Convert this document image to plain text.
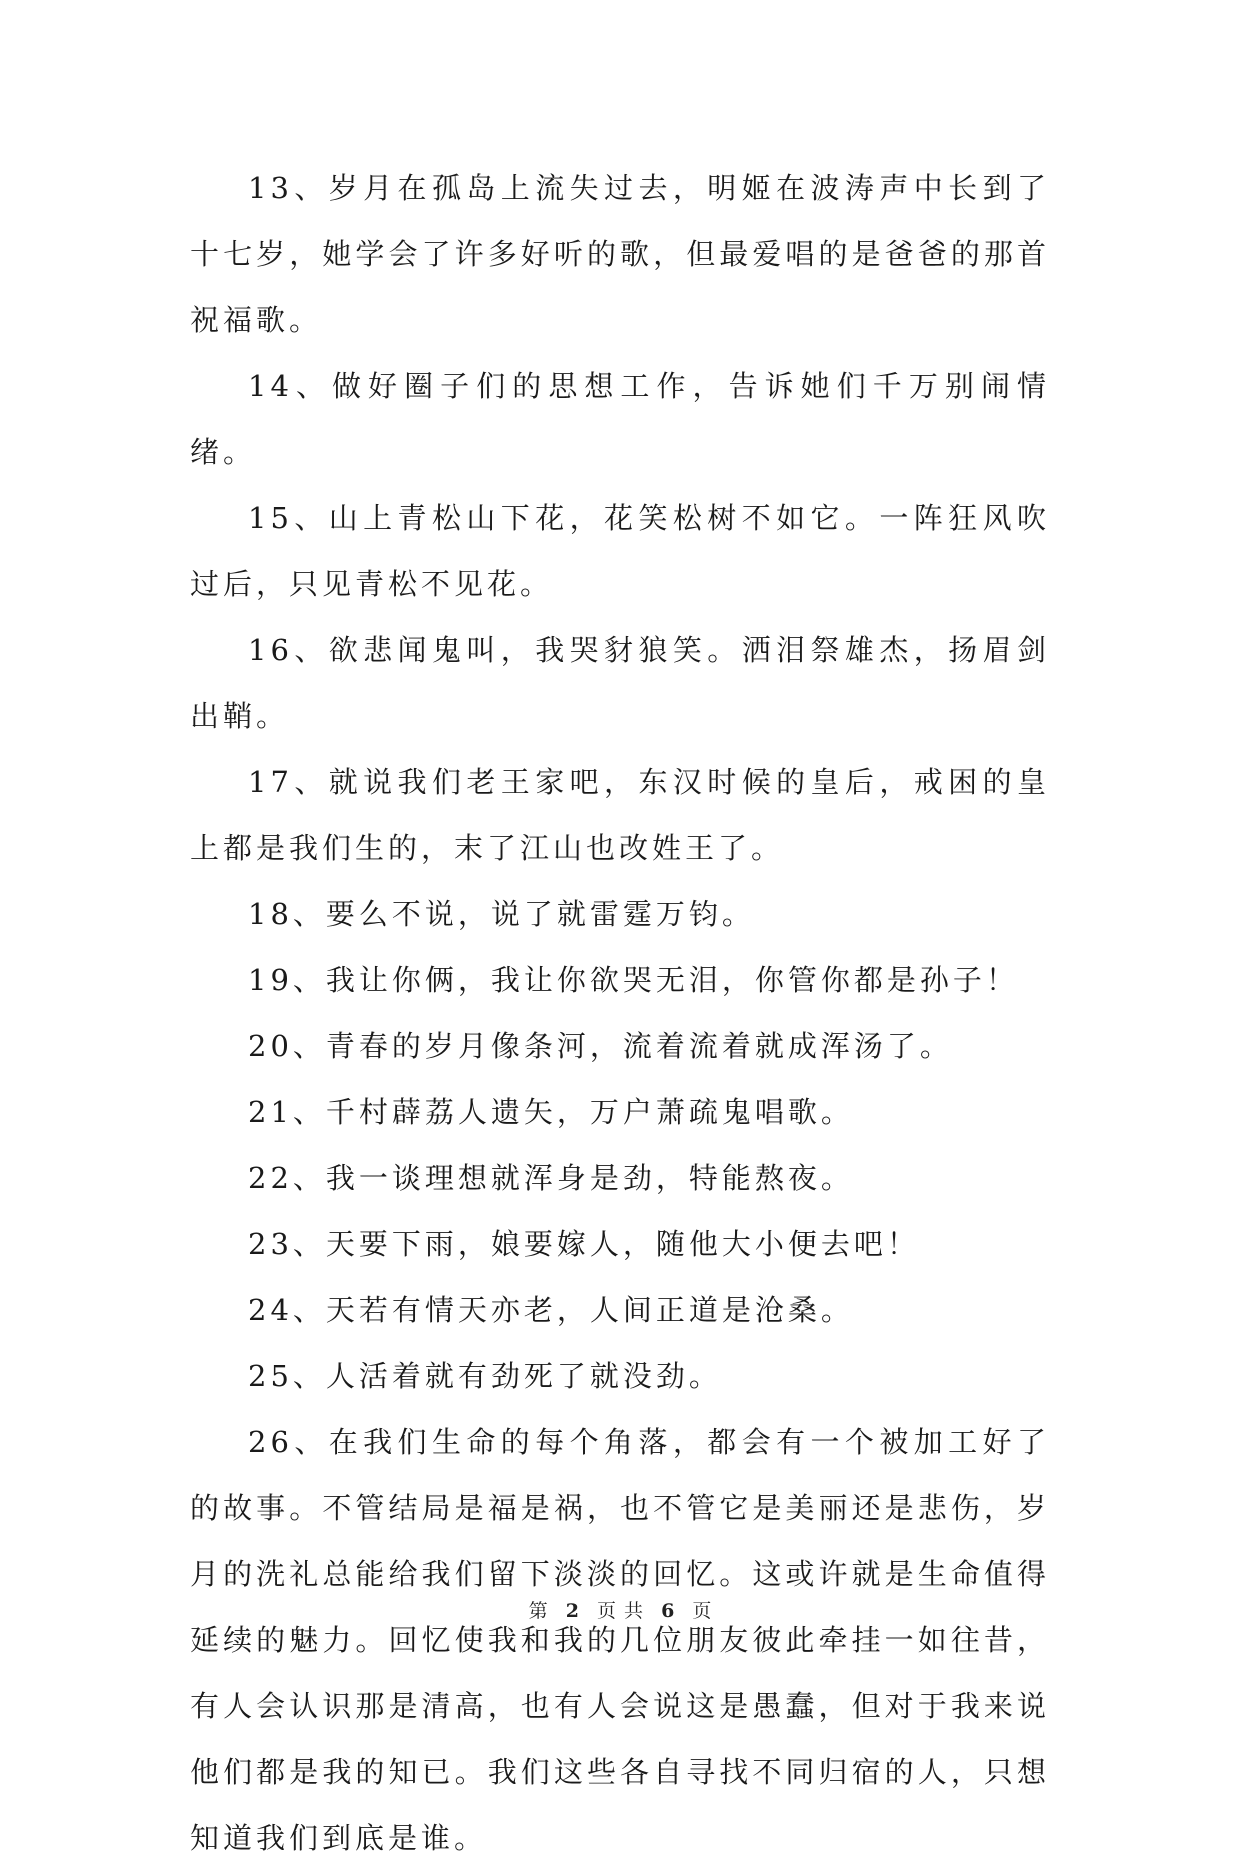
13、岁月在孤岛上流失过去，明姬在波涛声中长到了十七岁，她学会了许多好听的歌，但最爱唱的是爸爸的那首祝福歌。

14、做好圈子们的思想工作，告诉她们千万别闹情绪。

15、山上青松山下花，花笑松树不如它。一阵狂风吹过后，只见青松不见花。

16、欲悲闻鬼叫，我哭豺狼笑。洒泪祭雄杰，扬眉剑出鞘。

17、就说我们老王家吧，东汉时候的皇后，戒困的皇上都是我们生的，末了江山也改姓王了。

18、要么不说，说了就雷霆万钧。

19、我让你俩，我让你欲哭无泪，你管你都是孙子！

20、青春的岁月像条河，流着流着就成浑汤了。

21、千村薜荔人遗矢，万户萧疏鬼唱歌。

22、我一谈理想就浑身是劲，特能熬夜。

23、天要下雨，娘要嫁人，随他大小便去吧！

24、天若有情天亦老，人间正道是沧桑。

25、人活着就有劲死了就没劲。

26、在我们生命的每个角落，都会有一个被加工好了的故事。不管结局是福是祸，也不管它是美丽还是悲伤，岁月的洗礼总能给我们留下淡淡的回忆。这或许就是生命值得延续的魅力。回忆使我和我的几位朋友彼此牵挂一如往昔，有人会认识那是清高，也有人会说这是愚蠢，但对于我来说他们都是我的知已。我们这些各自寻找不同归宿的人，只想知道我们到底是谁。

第 2 页 共 6 页
